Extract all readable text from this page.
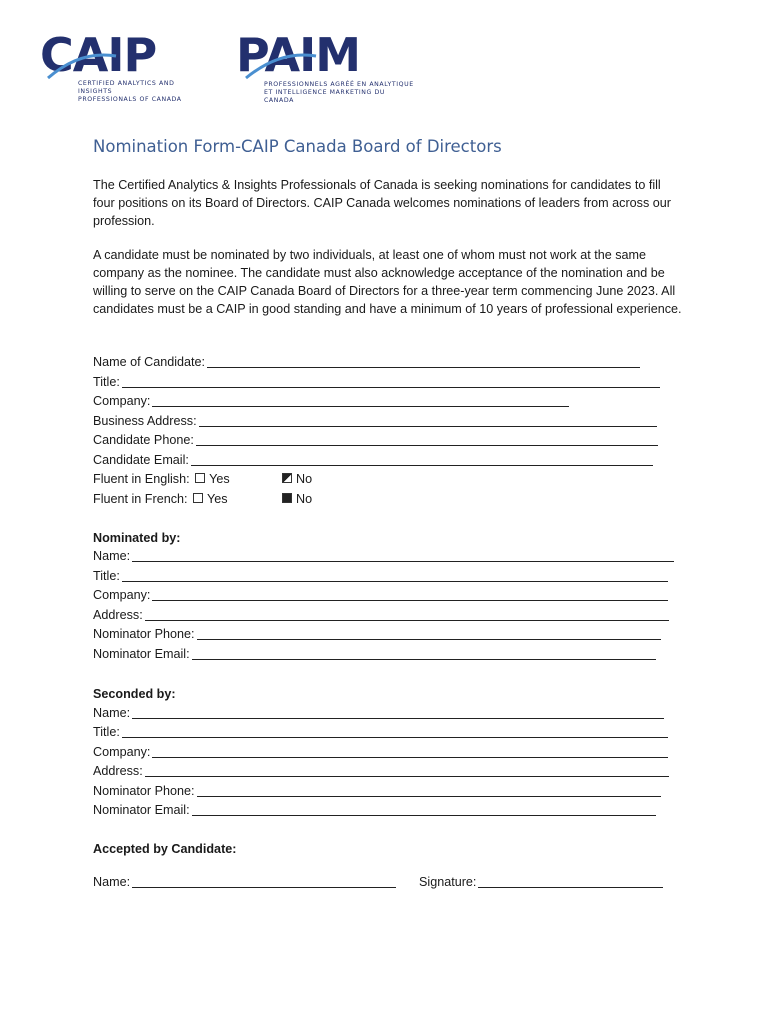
CAIP
CERTIFIED ANALYTICS AND INSIGHTS
PROFESSIONALS OF CANADA
PAIM
PROFESSIONNELS AGRÉÉ EN ANALYTIQUE
ET INTELLIGENCE MARKETING DU CANADA
Nomination Form-CAIP Canada Board of Directors

The Certified Analytics & Insights Professionals of Canada is seeking nominations for candidates to fill four positions on its Board of Directors. CAIP Canada welcomes nominations of leaders from across our profession.

A candidate must be nominated by two individuals, at least one of whom must not work at the same company as the nominee. The candidate must also acknowledge acceptance of the nomination and be willing to serve on the CAIP Canada Board of Directors for a three-year term commencing June 2023. All candidates must be a CAIP in good standing and have a minimum of 10 years of professional experience.

Name of Candidate:
Title:
Company:
Business Address:
Candidate Phone:
Candidate Email:
Fluent in English: Yes	No
Fluent in French: Yes	No
Nominated by:
Name:
Title:
Company:
Address:
Nominator Phone:
Nominator Email:
Seconded by:
Name:
Title:
Company:
Address:
Nominator Phone:
Nominator Email:
Accepted by Candidate:
Name:	Signature:
